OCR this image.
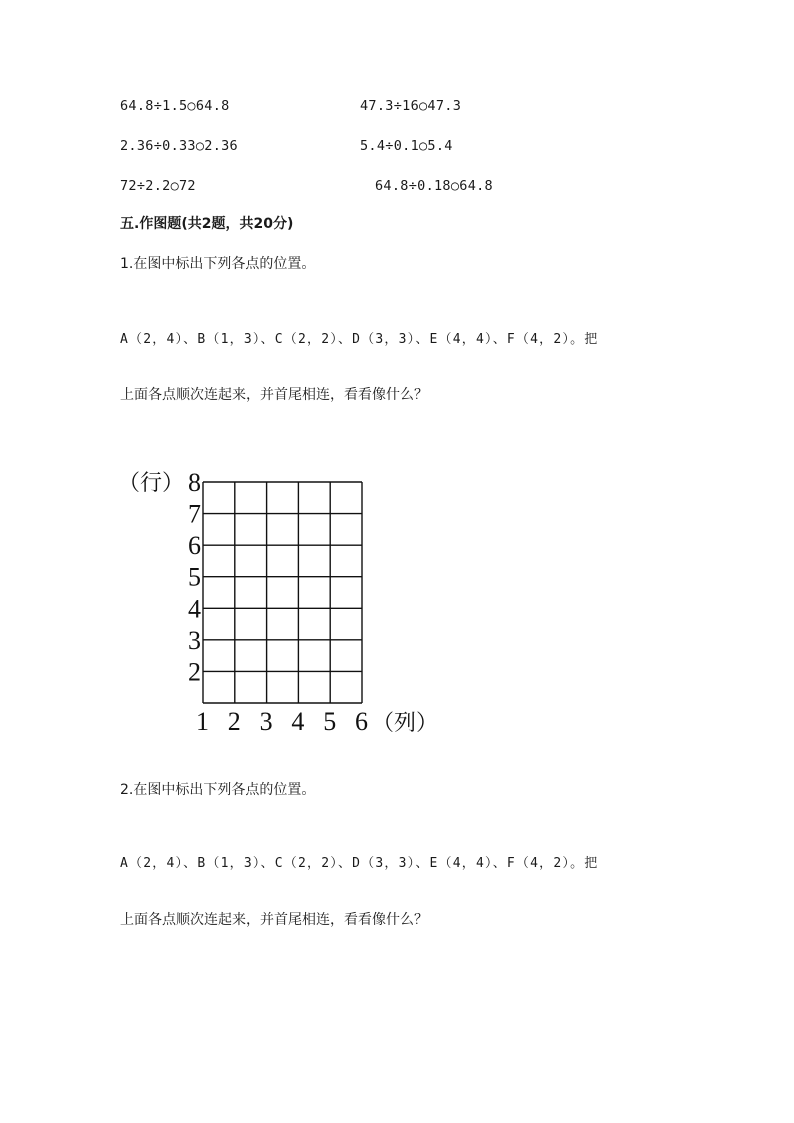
64.8÷1.5○64.8	47.3÷16○47.3
2.36÷0.33○2.36	5.4÷0.1○5.4
72÷2.2○72	64.8÷0.18○64.8
五.作图题(共2题，共20分)
1.在图中标出下列各点的位置。
A（2，4）、B（1，3）、C（2，2）、D（3，3）、E（4，4）、F（4，2）。把
上面各点顺次连起来，并首尾相连，看看像什么？
（行） 8
7
6
5
4
3
2
1 2 3 4 5 6 （列）
2.在图中标出下列各点的位置。
A（2，4）、B（1，3）、C（2，2）、D（3，3）、E（4，4）、F（4，2）。把
上面各点顺次连起来，并首尾相连，看看像什么？
